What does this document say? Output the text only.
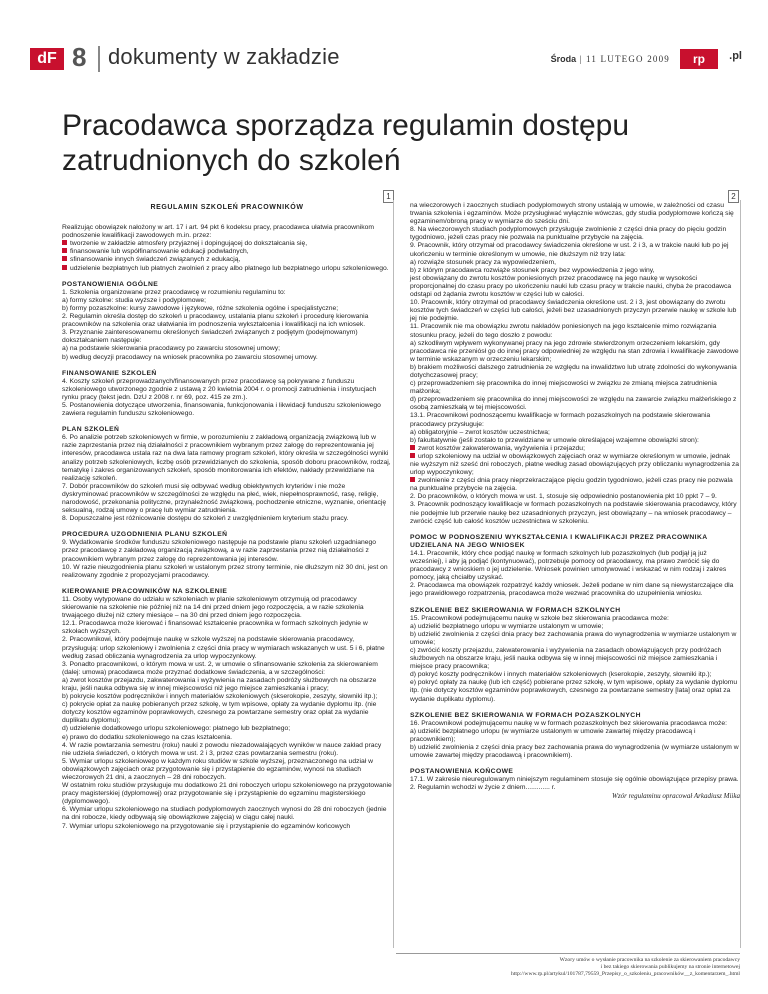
dF 8 dokumenty w zakładzie	Środa | 11 LUTEGO 2009	rp	.pl
Pracodawca sporządza regulamin dostępu zatrudnionych do szkoleń
1	2

REGULAMIN SZKOLEŃ PRACOWNIKÓW

Realizując obowiązek nałożony w art. 17 i art. 94 pkt 6 kodeksu pracy, pracodawca ułatwia pracownikom podnoszenie kwalifikacji zawodowych m.in. przez:

tworzenie w zakładzie atmosfery przyjaznej i dopingującej do dokształcania się,

finansowanie lub współfinansowanie edukacji podwładnych,

sfinansowanie innych świadczeń związanych z edukacją,

udzielenie bezpłatnych lub płatnych zwolnień z pracy albo płatnego lub bezpłatnego urlopu szkoleniowego.

POSTANOWIENIA OGÓLNE

1. Szkolenia organizowane przez pracodawcę w rozumieniu regulaminu to:

a) formy szkolne: studia wyższe i podyplomowe;

b) formy pozaszkolne: kursy zawodowe i językowe, różne szkolenia ogólne i specjalistyczne;

2. Regulamin określa dostęp do szkoleń u pracodawcy, ustalania planu szkoleń i procedurę kierowania pracowników na szkolenia oraz ułatwiania im podnoszenia wykształcenia i kwalifikacji na ich wniosek.

3. Przyznanie zainteresowanemu określonych świadczeń związanych z podjętym (podejmowanym) dokształcaniem następuje:

a) na podstawie skierowania pracodawcy po zawarciu stosownej umowy;

b) według decyzji pracodawcy na wniosek pracownika po zawarciu stosownej umowy.

FINANSOWANIE SZKOLEŃ

4. Koszty szkoleń przeprowadzanych/finansowanych przez pracodawcę są pokrywane z funduszu szkoleniowego utworzonego zgodnie z ustawą z 20 kwietnia 2004 r. o promocji zatrudnienia i instytucjach rynku pracy (tekst jedn. DzU z 2008 r. nr 69, poz. 415 ze zm.).

5. Postanowienia dotyczące utworzenia, finansowania, funkcjonowania i likwidacji funduszu szkoleniowego zawiera regulamin funduszu szkoleniowego.

PLAN SZKOLEŃ

6. Po analizie potrzeb szkoleniowych w firmie, w porozumieniu z zakładową organizacją związkową lub w razie zaprzestania przez nią działalności z pracownikiem wybranym przez załogę do reprezentowania jej interesów, pracodawca ustala raz na dwa lata ramowy program szkoleń, który określa w szczególności wyniki analizy potrzeb szkoleniowych, liczbę osób przewidzianych do szkolenia, sposób doboru pracowników, rodzaj, tematykę i zakres organizowanych szkoleń, sposób monitorowania ich efektów, nakłady przewidziane na realizację szkoleń.

7. Dobór pracowników do szkoleń musi się odbywać według obiektywnych kryteriów i nie może dyskryminować pracowników w szczególności ze względu na płeć, wiek, niepełnosprawność, rasę, religię, narodowość, przekonania polityczne, przynależność związkową, pochodzenie etniczne, wyznanie, orientację seksualną, rodzaj umowy o pracę lub wymiar zatrudnienia.

8. Dopuszczalne jest różnicowanie dostępu do szkoleń z uwzględnieniem kryterium stażu pracy.

PROCEDURA UZGODNIENIA PLANU SZKOLEŃ

9. Wydatkowanie środków funduszu szkoleniowego następuje na podstawie planu szkoleń uzgadnianego przez pracodawcę z zakładową organizacją związkową, a w razie zaprzestania przez nią działalności z pracownikiem wybranym przez załogę do reprezentowania jej interesów.

10. W razie nieuzgodnienia planu szkoleń w ustalonym przez strony terminie, nie dłuższym niż 30 dni, jest on realizowany zgodnie z propozycjami pracodawcy.

KIEROWANIE PRACOWNIKÓW NA SZKOLENIE

11. Osoby wytypowane do udziału w szkoleniach w planie szkoleniowym otrzymują od pracodawcy skierowanie na szkolenie nie później niż na 14 dni przed dniem jego rozpoczęcia, a w razie szkolenia trwającego dłużej niż cztery miesiące – na 30 dni przed dniem jego rozpoczęcia.

12.1. Pracodawca może kierować i finansować kształcenie pracownika w formach szkolnych jedynie w szkołach wyższych.

2. Pracownikowi, który podejmuje naukę w szkole wyższej na podstawie skierowania pracodawcy, przysługują: urlop szkoleniowy i zwolnienia z części dnia pracy w wymiarach wskazanych w ust. 5 i 6, płatne według zasad obliczania wynagrodzenia za urlop wypoczynkowy.

3. Ponadto pracownikowi, o którym mowa w ust. 2, w umowie o sfinansowanie szkolenia za skierowaniem (dalej: umowa) pracodawca może przyznać dodatkowe świadczenia, a w szczególności:

a) zwrot kosztów przejazdu, zakwaterowania i wyżywienia na zasadach podróży służbowych na obszarze kraju, jeśli nauka odbywa się w innej miejscowości niż jego miejsce zamieszkania i pracy;

b) pokrycie kosztów podręczników i innych materiałów szkoleniowych (skserokopie, zeszyty, słowniki itp.);

c) pokrycie opłat za naukę pobieranych przez szkołę, w tym wpisowe, opłaty za wydanie dyplomu itp. (nie dotyczy kosztów egzaminów poprawkowych, czesnego za powtarzane semestry oraz opłat za wydanie duplikatu dyplomu);

d) udzielenie dodatkowego urlopu szkoleniowego: płatnego lub bezpłatnego;

e) prawo do dodatku szkoleniowego na czas kształcenia.

4. W razie powtarzania semestru (roku) nauki z powodu niezadowalających wyników w nauce zakład pracy nie udziela świadczeń, o których mowa w ust. 2 i 3, przez czas powtarzania semestru (roku).

5. Wymiar urlopu szkoleniowego w każdym roku studiów w szkole wyższej, przeznaczonego na udział w obowiązkowych zajęciach oraz przygotowanie się i przystąpienie do egzaminów, wynosi na studiach wieczorowych 21 dni, a zaocznych – 28 dni roboczych.

W ostatnim roku studiów przysługuje mu dodatkowo 21 dni roboczych urlopu szkoleniowego na przygotowanie pracy magisterskiej (dyplomowej) oraz przygotowanie się i przystąpienie do egzaminu magisterskiego (dyplomowego).

6. Wymiar urlopu szkoleniowego na studiach podyplomowych zaocznych wynosi do 28 dni roboczych (jednie na dni robocze, kiedy odbywają się obowiązkowe zajęcia) w ciągu całej nauki.

7. Wymiar urlopu szkoleniowego na przygotowanie się i przystąpienie do egzaminów końcowych

na wieczorowych i zaocznych studiach podyplomowych strony ustalają w umowie, w zależności od czasu trwania szkolenia i egzaminów. Może przysługiwać wyłącznie wówczas, gdy studia podyplomowe kończą się egzaminem/obroną pracy w wymiarze do sześciu dni.

8. Na wieczorowych studiach podyplomowych przysługuje zwolnienie z części dnia pracy do pięciu godzin tygodniowo, jeżeli czas pracy nie pozwala na punktualne przybycie na zajęcia.

9. Pracownik, który otrzymał od pracodawcy świadczenia określone w ust. 2 i 3, a w trakcie nauki lub po jej ukończeniu w terminie określonym w umowie, nie dłuższym niż trzy lata:

a) rozwiąże stosunek pracy za wypowiedzeniem,

b) z którym pracodawca rozwiąże stosunek pracy bez wypowiedzenia z jego winy,

jest obowiązany do zwrotu kosztów poniesionych przez pracodawcę na jego naukę w wysokości proporcjonalnej do czasu pracy po ukończeniu nauki lub czasu pracy w trakcie nauki, chyba że pracodawca odstąpi od żądania zwrotu kosztów w części lub w całości.

10. Pracownik, który otrzymał od pracodawcy świadczenia określone ust. 2 i 3, jest obowiązany do zwrotu kosztów tych świadczeń w części lub całości, jeżeli bez uzasadnionych przyczyn przerwie naukę w szkole lub jej nie podejmie.

11. Pracownik nie ma obowiązku zwrotu nakładów poniesionych na jego kształcenie mimo rozwiązania stosunku pracy, jeżeli do tego doszło z powodu:

a) szkodliwym wpływem wykonywanej pracy na jego zdrowie stwierdzonym orzeczeniem lekarskim, gdy pracodawca nie przeniósł go do innej pracy odpowiedniej ze względu na stan zdrowia i kwalifikacje zawodowe w terminie wskazanym w orzeczeniu lekarskim;

b) brakiem możliwości dalszego zatrudnienia ze względu na inwalidztwo lub utratę zdolności do wykonywania dotychczasowej pracy;

c) przeprowadzeniem się pracownika do innej miejscowości w związku ze zmianą miejsca zatrudnienia małżonka;

d) przeprowadzeniem się pracownika do innej miejscowości ze względu na zawarcie związku małżeńskiego z osobą zamieszkałą w tej miejscowości.

13.1. Pracownikowi podnoszącemu kwalifikacje w formach pozaszkolnych na podstawie skierowania pracodawcy przysługuje:

a) obligatoryjnie – zwrot kosztów uczestnictwa;

b) fakultatywnie (jeśli zostało to przewidziane w umowie określającej wzajemne obowiązki stron):

zwrot kosztów zakwaterowania, wyżywienia i przejazdu;

urlop szkoleniowy na udział w obowiązkowych zajęciach oraz w wymiarze określonym w umowie, jednak nie wyższym niż sześć dni roboczych, płatne według zasad obowiązujących przy obliczaniu wynagrodzenia za urlop wypoczynkowy;

zwolnienie z części dnia pracy nieprzekraczające pięciu godzin tygodniowo, jeżeli czas pracy nie pozwala na punktualne przybycie na zajęcia.

2. Do pracowników, o których mowa w ust. 1, stosuje się odpowiednio postanowienia pkt 10 ppkt 7 – 9.

3. Pracownik podnoszący kwalifikacje w formach pozaszkolnych na podstawie skierowania pracodawcy, który nie podejmie lub przerwie naukę bez uzasadnionych przyczyn, jest obowiązany – na wniosek pracodawcy – zwrócić część lub całość kosztów uczestnictwa w szkoleniu.

POMOC W PODNOSZENIU WYKSZTAŁCENIA I KWALIFIKACJI PRZEZ PRACOWNIKA UDZIELANA NA JEGO WNIOSEK

14.1. Pracownik, który chce podjąć naukę w formach szkolnych lub pozaszkolnych (lub podjął ją już wcześniej), i aby ją podjąć (kontynuować), potrzebuje pomocy od pracodawcy, ma prawo zwrócić się do pracodawcy z wnioskiem o jej udzielenie. Wniosek powinien umotywować i wskazać w nim rodzaj i zakres pomocy, jaką chciałby uzyskać.

2. Pracodawca ma obowiązek rozpatrzyć każdy wniosek. Jeżeli podane w nim dane są niewystarczające dla jego prawidłowego rozpatrzenia, pracodawca może wezwać pracownika do uzupełnienia wniosku.

SZKOLENIE BEZ SKIEROWANIA W FORMACH SZKOLNYCH

15. Pracownikowi podejmującemu naukę w szkole bez skierowania pracodawca może:

a) udzielić bezpłatnego urlopu w wymiarze ustalonym w umowie;

b) udzielić zwolnienia z części dnia pracy bez zachowania prawa do wynagrodzenia w wymiarze ustalonym w umowie;

c) zwrócić koszty przejazdu, zakwaterowania i wyżywienia na zasadach obowiązujących przy podróżach służbowych na obszarze kraju, jeśli nauka odbywa się w innej miejscowości niż miejsce zamieszkania i miejsce pracy pracownika;

d) pokryć koszty podręczników i innych materiałów szkoleniowych (kserokopie, zeszyty, słowniki itp.);

e) pokryć opłaty za naukę (lub ich część) pobierane przez szkołę, w tym wpisowe, opłaty za wydanie dyplomu itp. (nie dotyczy kosztów egzaminów poprawkowych, czesnego za powtarzane semestry [lata] oraz opłat za wydanie duplikatu dyplomu).

SZKOLENIE BEZ SKIEROWANIA W FORMACH POZASZKOLNYCH

16. Pracownikowi podejmującemu naukę w w formach pozaszkolnych bez skierowania pracodawca może:

a) udzielić bezpłatnego urlopu (w wymiarze ustalonym w umowie zawartej między pracodawcą i pracownikiem);

b) udzielić zwolnienia z części dnia pracy bez zachowania prawa do wynagrodzenia (w wymiarze ustalonym w umowie zawartej między pracodawcą i pracownikiem).

POSTANOWIENIA KOŃCOWE

17.1. W zakresie nieuregulowanym niniejszym regulaminem stosuje się ogólnie obowiązujące przepisy prawa.

2. Regulamin wchodzi w życie z dniem............. r.

Wzór regulaminu opracował Arkadiusz Miika

Wzory umów o wysłanie pracownika na szkolenie za skierowaniem pracodawcy
i bez takiego skierowania publikujemy na stronie internetowej
http://www.rp.pl/artykul/101787,79559_Przepisy_o_szkoleniu_pracowników__z_komentarzem_.html
